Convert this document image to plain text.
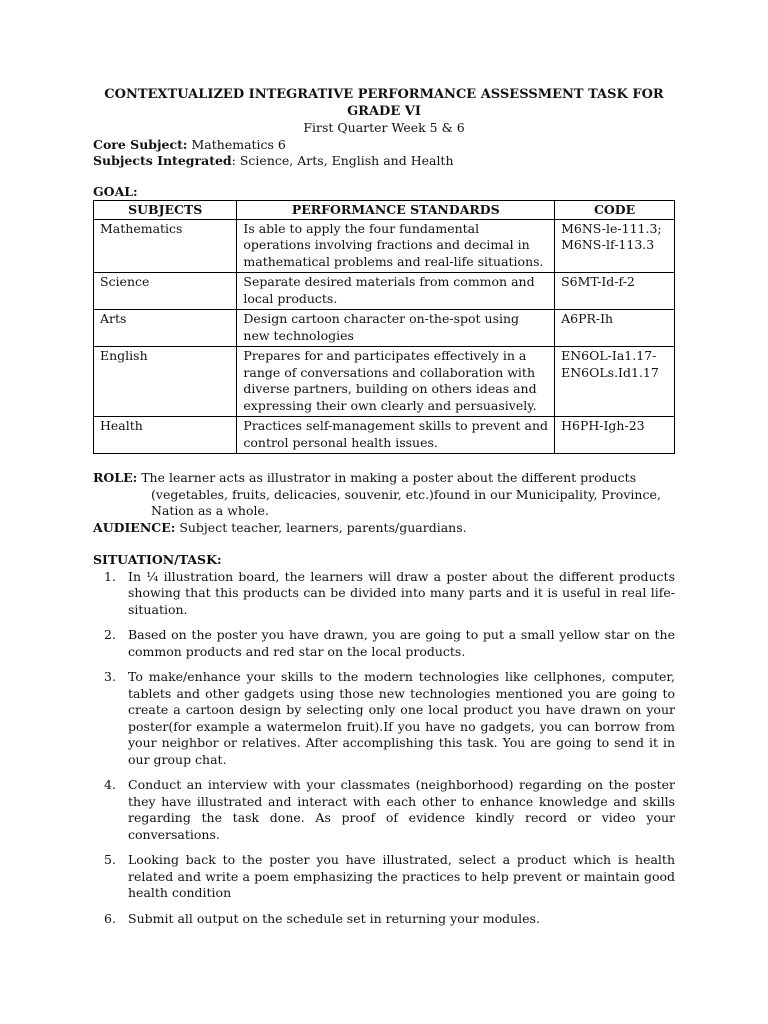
CONTEXTUALIZED INTEGRATIVE PERFORMANCE ASSESSMENT TASK FOR GRADE VI

First Quarter Week 5 & 6

Core Subject: Mathematics 6

Subjects Integrated: Science, Arts, English and Health

GOAL:

SUBJECTS	PERFORMANCE STANDARDS	CODE
Mathematics	Is able to apply the four fundamental operations involving fractions and decimal in mathematical problems and real-life situations.	M6NS-le-111.3; M6NS-lf-113.3
Science	Separate desired materials from common and local products.	S6MT-Id-f-2
Arts	Design cartoon character on-the-spot using new technologies	A6PR-Ih
English	Prepares for and participates effectively in a range of conversations and collaboration with diverse partners, building on others ideas and expressing their own clearly and persuasively.	EN6OL-Ia1.17-EN6OLs.Id1.17
Health	Practices self-management skills to prevent and control personal health issues.	H6PH-Igh-23

ROLE: The learner acts as illustrator in making a poster about the different products
(vegetables, fruits, delicacies, souvenir, etc.)found in our Municipality, Province, Nation as a whole.

AUDIENCE: Subject teacher, learners, parents/guardians.

SITUATION/TASK:

1. In ¼ illustration board, the learners will draw a poster about the different products showing that this products can be divided into many parts and it is useful in real life-situation.
2. Based on the poster you have drawn, you are going to put a small yellow star on the common products and red star on the local products.
3. To make/enhance your skills to the modern technologies like cellphones, computer, tablets and other gadgets using those new technologies mentioned you are going to create a cartoon design by selecting only one local product you have drawn on your poster(for example a watermelon fruit).If you have no gadgets, you can borrow from your neighbor or relatives. After accomplishing this task. You are going to send it in our group chat.
4. Conduct an interview with your classmates (neighborhood) regarding on the poster they have illustrated and interact with each other to enhance knowledge and skills regarding the task done. As proof of evidence kindly record or video your conversations.
5. Looking back to the poster you have illustrated, select a product which is health related and write a poem emphasizing the practices to help prevent or maintain good health condition
6. Submit all output on the schedule set in returning your modules.
